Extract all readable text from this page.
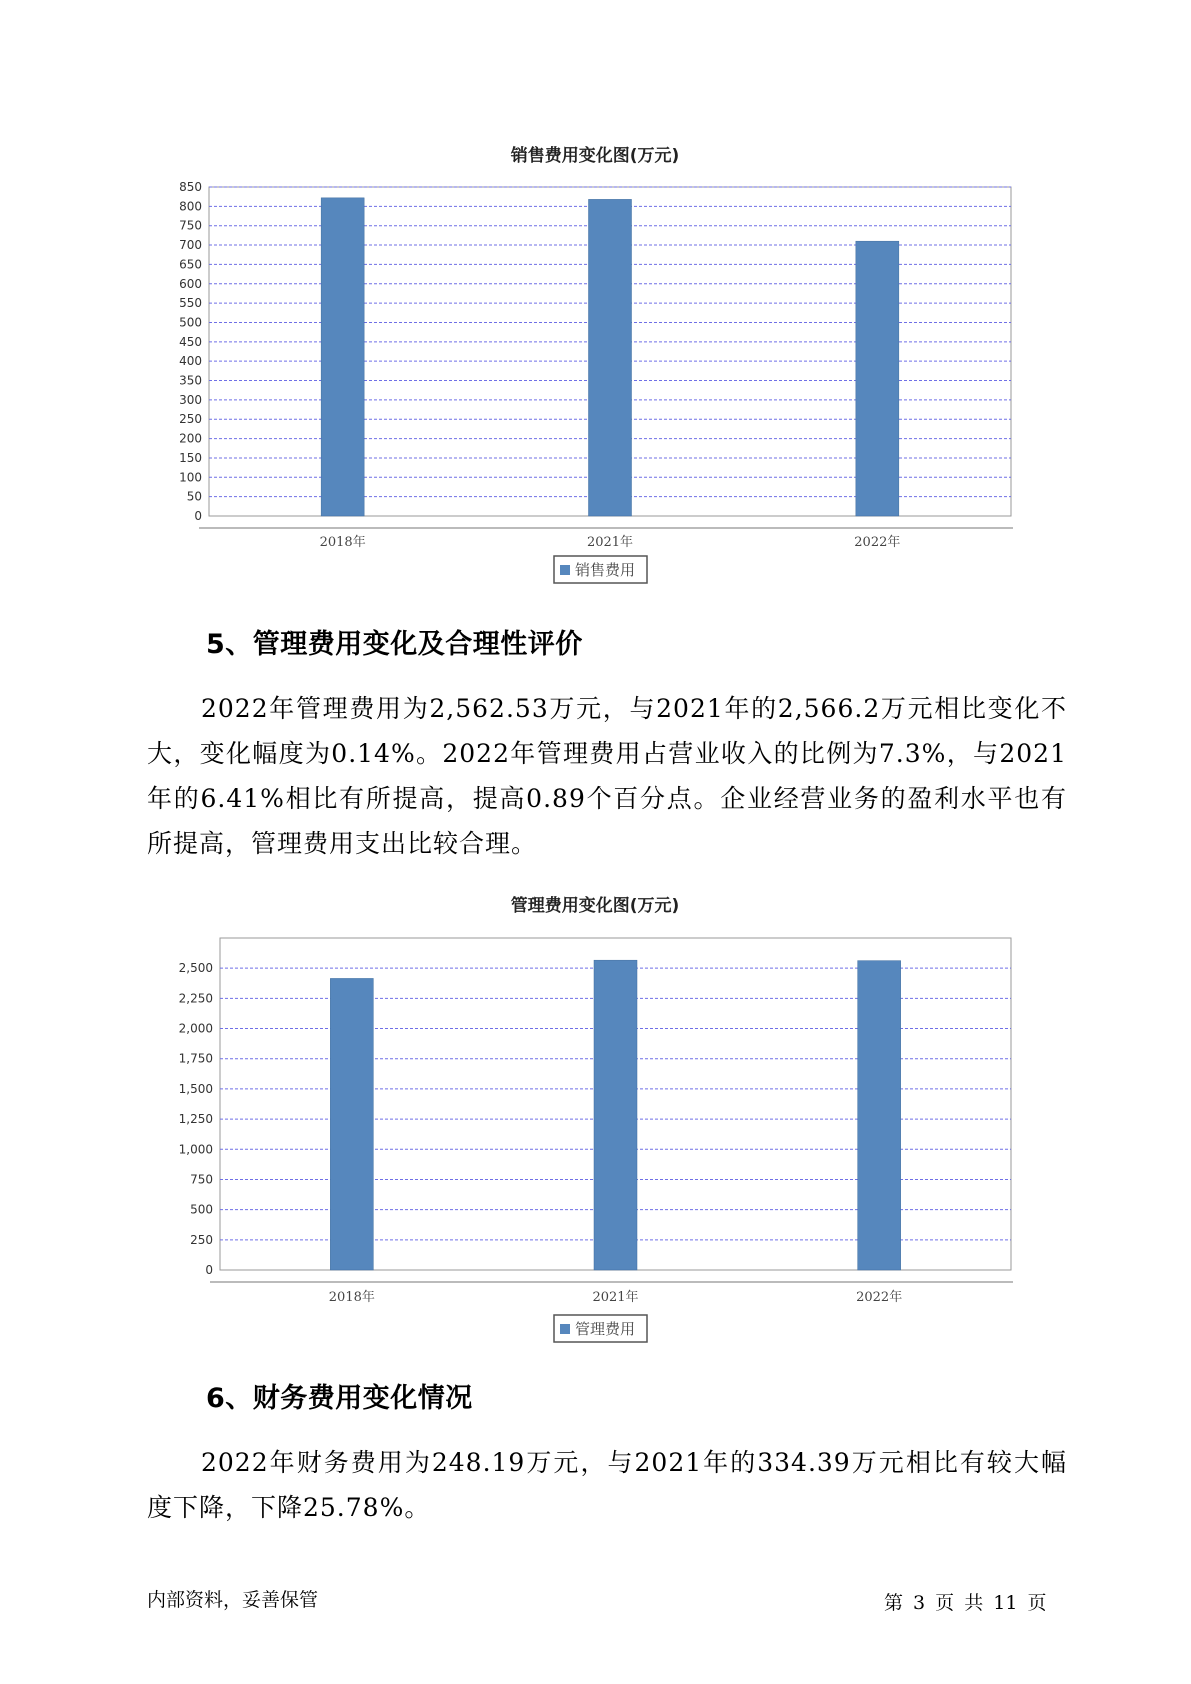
销售费用变化图(万元)
0
50
100
150
200
250
300
350
400
450
500
550
600
650
700
750
800
850
2018年	2021年	2022年
销售费用
5、管理费用变化及合理性评价

2022年管理费用为2,562.53万元，与2021年的2,566.2万元相比变化不大，变化幅度为0.14%。2022年管理费用占营业收入的比例为7.3%，与2021年的6.41%相比有所提高，提高0.89个百分点。企业经营业务的盈利水平也有所提高，管理费用支出比较合理。

管理费用变化图(万元)
0
250
500
750
1,000
1,250
1,500
1,750
2,000
2,250
2,500
2018年	2021年	2022年
管理费用
6、财务费用变化情况

2022年财务费用为248.19万元，与2021年的334.39万元相比有较大幅度下降，下降25.78%。

内部资料，妥善保管	第 3 页 共 11 页
